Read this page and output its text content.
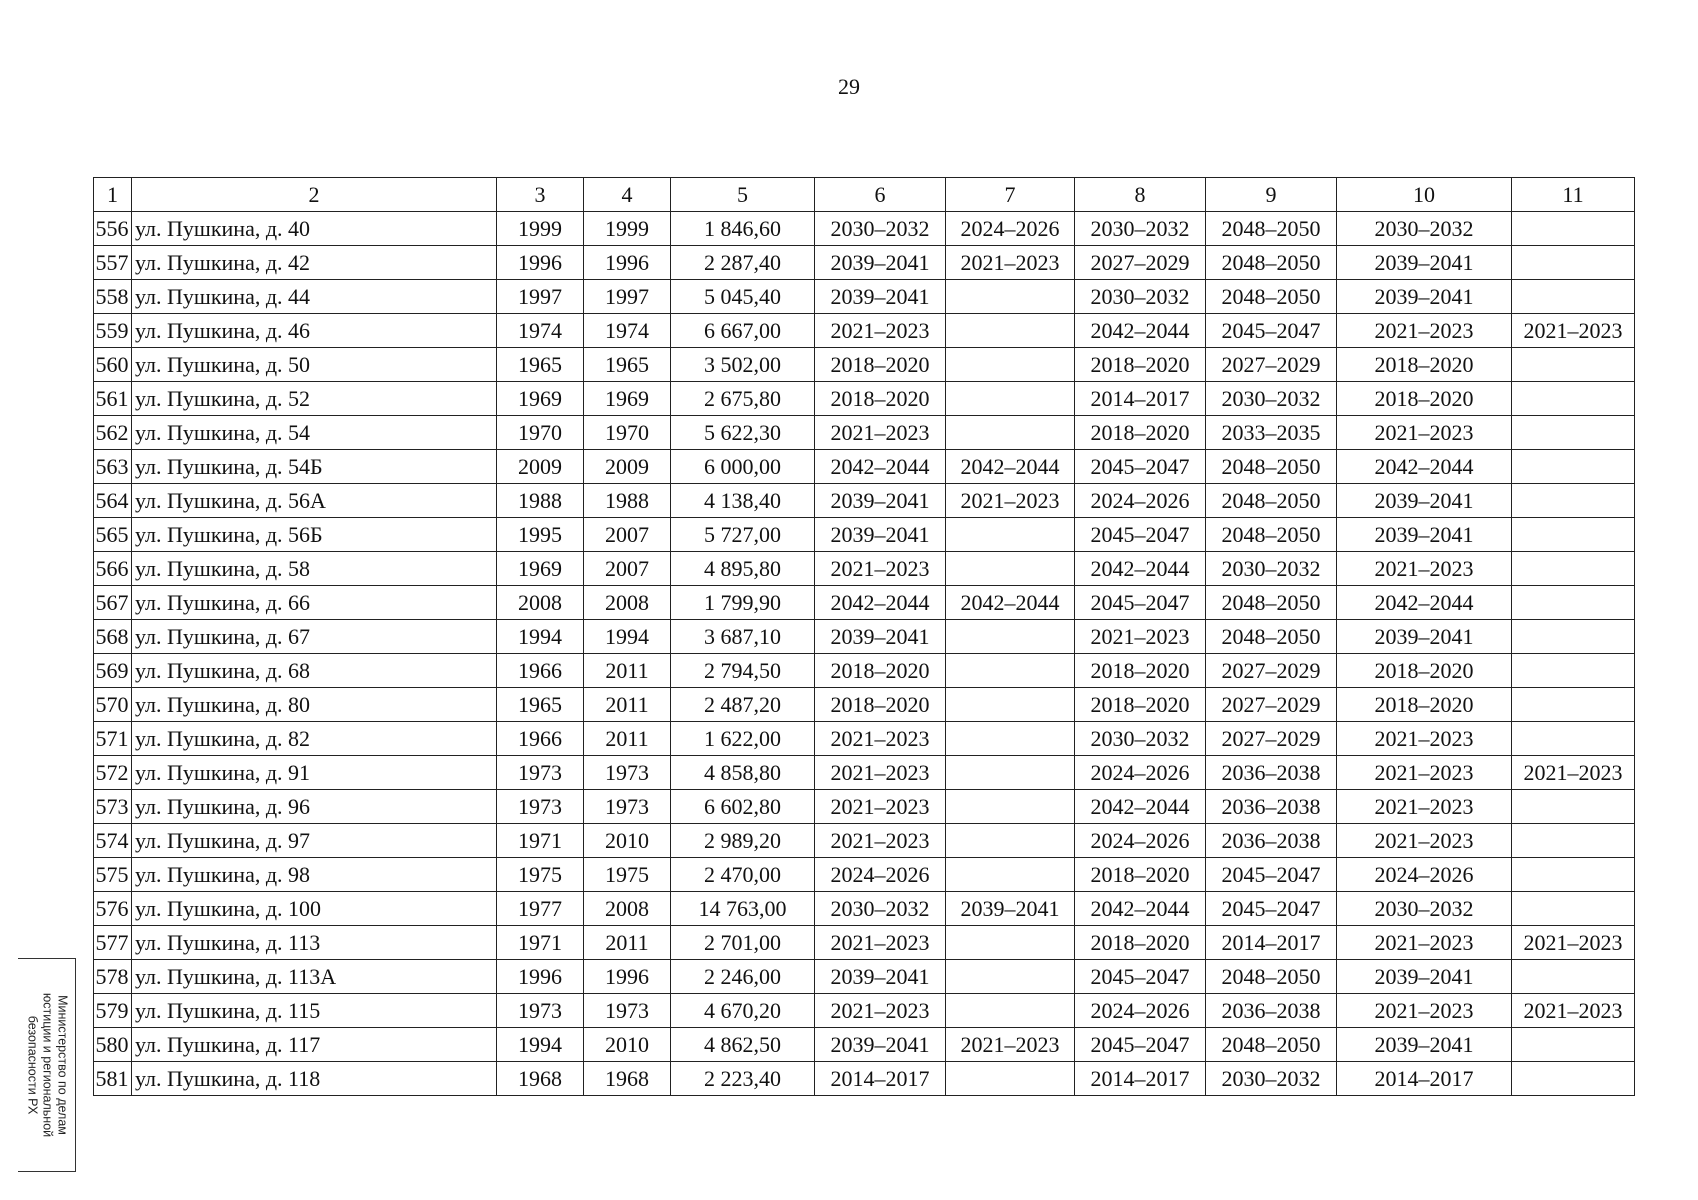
29
1	2	3	4	5	6	7	8	9	10	11
556	ул. Пушкина, д. 40	1999	1999	1 846,60	2030–2032	2024–2026	2030–2032	2048–2050	2030–2032	
557	ул. Пушкина, д. 42	1996	1996	2 287,40	2039–2041	2021–2023	2027–2029	2048–2050	2039–2041	
558	ул. Пушкина, д. 44	1997	1997	5 045,40	2039–2041		2030–2032	2048–2050	2039–2041	
559	ул. Пушкина, д. 46	1974	1974	6 667,00	2021–2023		2042–2044	2045–2047	2021–2023	2021–2023
560	ул. Пушкина, д. 50	1965	1965	3 502,00	2018–2020		2018–2020	2027–2029	2018–2020	
561	ул. Пушкина, д. 52	1969	1969	2 675,80	2018–2020		2014–2017	2030–2032	2018–2020	
562	ул. Пушкина, д. 54	1970	1970	5 622,30	2021–2023		2018–2020	2033–2035	2021–2023	
563	ул. Пушкина, д. 54Б	2009	2009	6 000,00	2042–2044	2042–2044	2045–2047	2048–2050	2042–2044	
564	ул. Пушкина, д. 56А	1988	1988	4 138,40	2039–2041	2021–2023	2024–2026	2048–2050	2039–2041	
565	ул. Пушкина, д. 56Б	1995	2007	5 727,00	2039–2041		2045–2047	2048–2050	2039–2041	
566	ул. Пушкина, д. 58	1969	2007	4 895,80	2021–2023		2042–2044	2030–2032	2021–2023	
567	ул. Пушкина, д. 66	2008	2008	1 799,90	2042–2044	2042–2044	2045–2047	2048–2050	2042–2044	
568	ул. Пушкина, д. 67	1994	1994	3 687,10	2039–2041		2021–2023	2048–2050	2039–2041	
569	ул. Пушкина, д. 68	1966	2011	2 794,50	2018–2020		2018–2020	2027–2029	2018–2020	
570	ул. Пушкина, д. 80	1965	2011	2 487,20	2018–2020		2018–2020	2027–2029	2018–2020	
571	ул. Пушкина, д. 82	1966	2011	1 622,00	2021–2023		2030–2032	2027–2029	2021–2023	
572	ул. Пушкина, д. 91	1973	1973	4 858,80	2021–2023		2024–2026	2036–2038	2021–2023	2021–2023
573	ул. Пушкина, д. 96	1973	1973	6 602,80	2021–2023		2042–2044	2036–2038	2021–2023	
574	ул. Пушкина, д. 97	1971	2010	2 989,20	2021–2023		2024–2026	2036–2038	2021–2023	
575	ул. Пушкина, д. 98	1975	1975	2 470,00	2024–2026		2018–2020	2045–2047	2024–2026	
576	ул. Пушкина, д. 100	1977	2008	14 763,00	2030–2032	2039–2041	2042–2044	2045–2047	2030–2032	
577	ул. Пушкина, д. 113	1971	2011	2 701,00	2021–2023		2018–2020	2014–2017	2021–2023	2021–2023
578	ул. Пушкина, д. 113А	1996	1996	2 246,00	2039–2041		2045–2047	2048–2050	2039–2041	
579	ул. Пушкина, д. 115	1973	1973	4 670,20	2021–2023		2024–2026	2036–2038	2021–2023	2021–2023
580	ул. Пушкина, д. 117	1994	2010	4 862,50	2039–2041	2021–2023	2045–2047	2048–2050	2039–2041	
581	ул. Пушкина, д. 118	1968	1968	2 223,40	2014–2017		2014–2017	2030–2032	2014–2017	
Министерство по делам
юстиции и региональной
безопасности РХ
